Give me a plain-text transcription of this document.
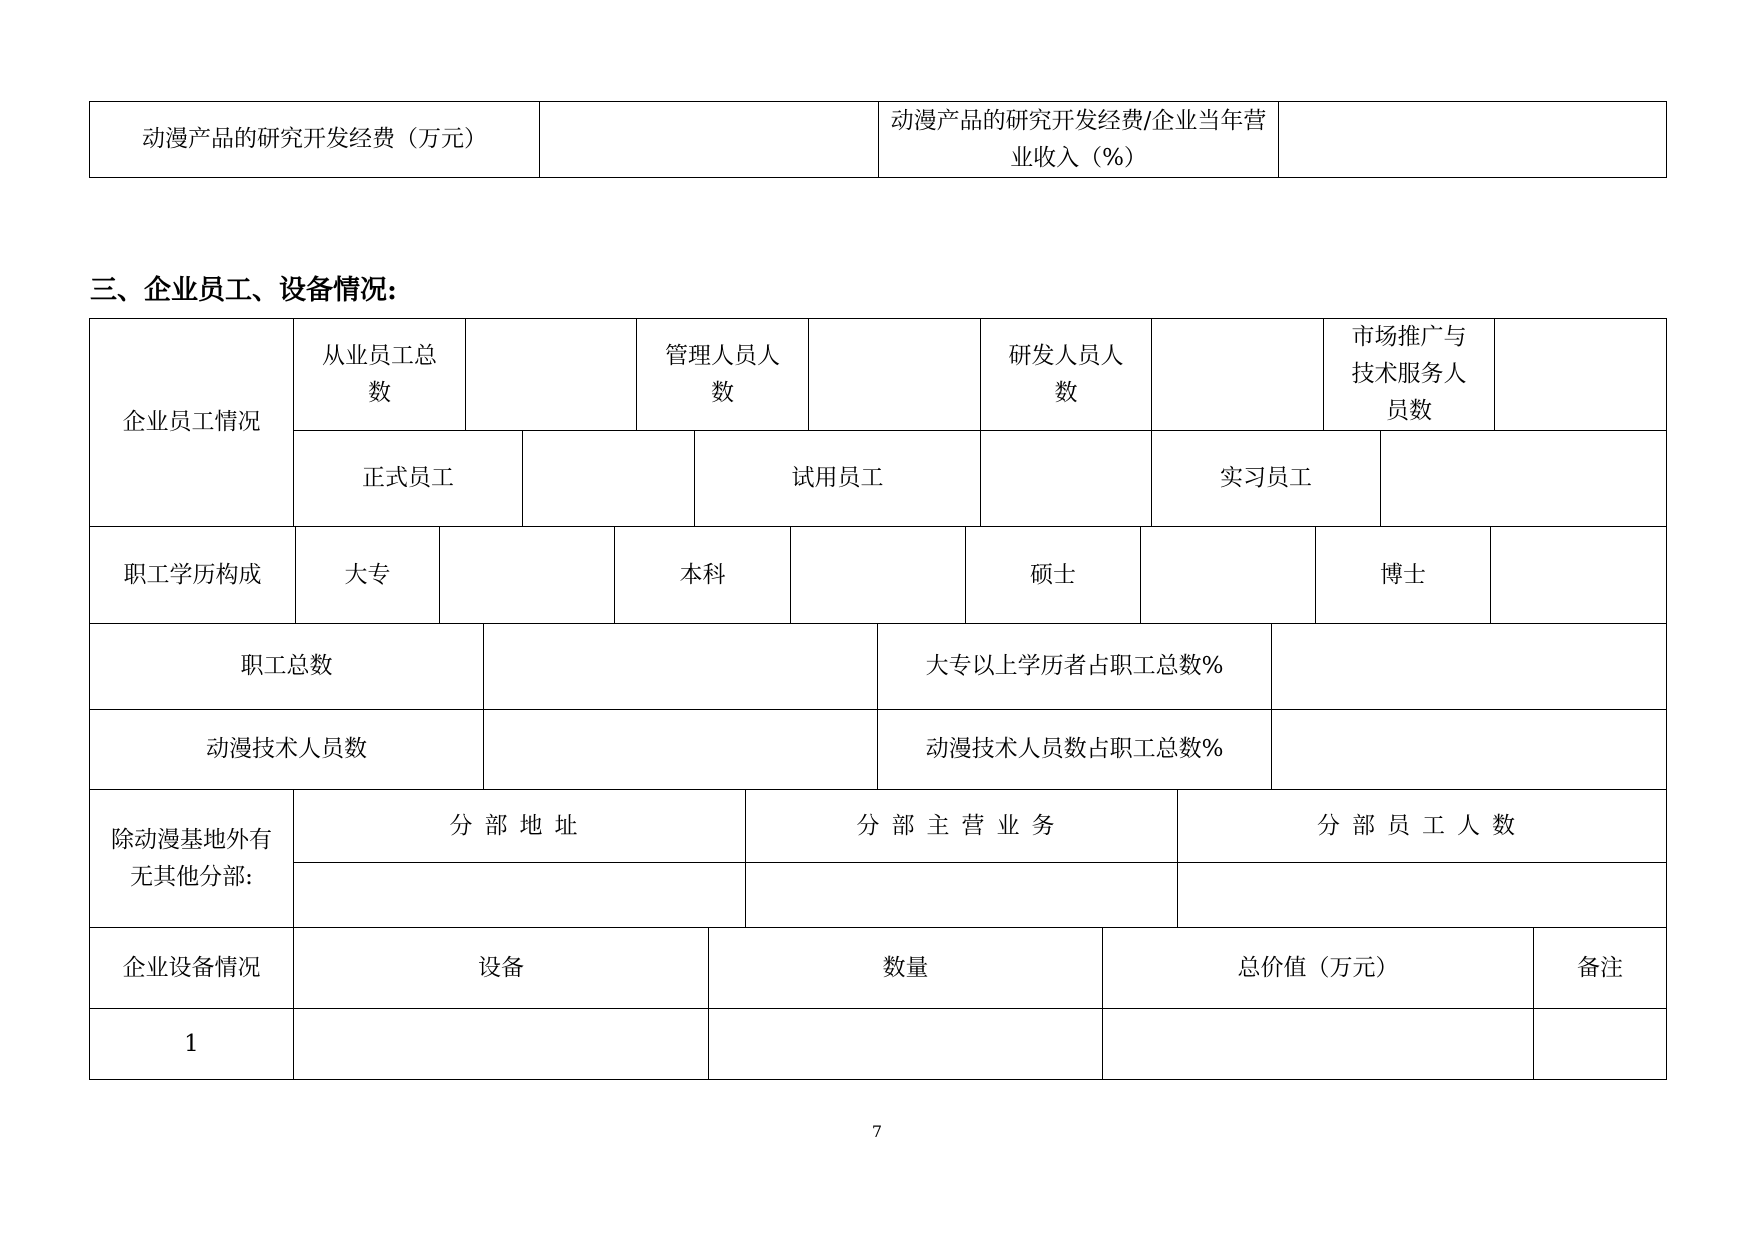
动漫产品的研究开发经费（万元）		动漫产品的研究开发经费/企业当年营业收入（%）	
三、企业员工、设备情况:
企业员工情况	从业员工总数			管理人员人数			研发人员人数		市场推广与技术服务人员数		
	正式员工				试用员工			实习员工			
职工学历构成	大专		本科		硕士		博士	
职工总数		大专以上学历者占职工总数%	
动漫技术人员数		动漫技术人员数占职工总数%	
除动漫基地外有无其他分部:	分部地址	分部主营业务	分部员工人数

企业设备情况	设备	数量	总价值（万元）	备注
1				
7
